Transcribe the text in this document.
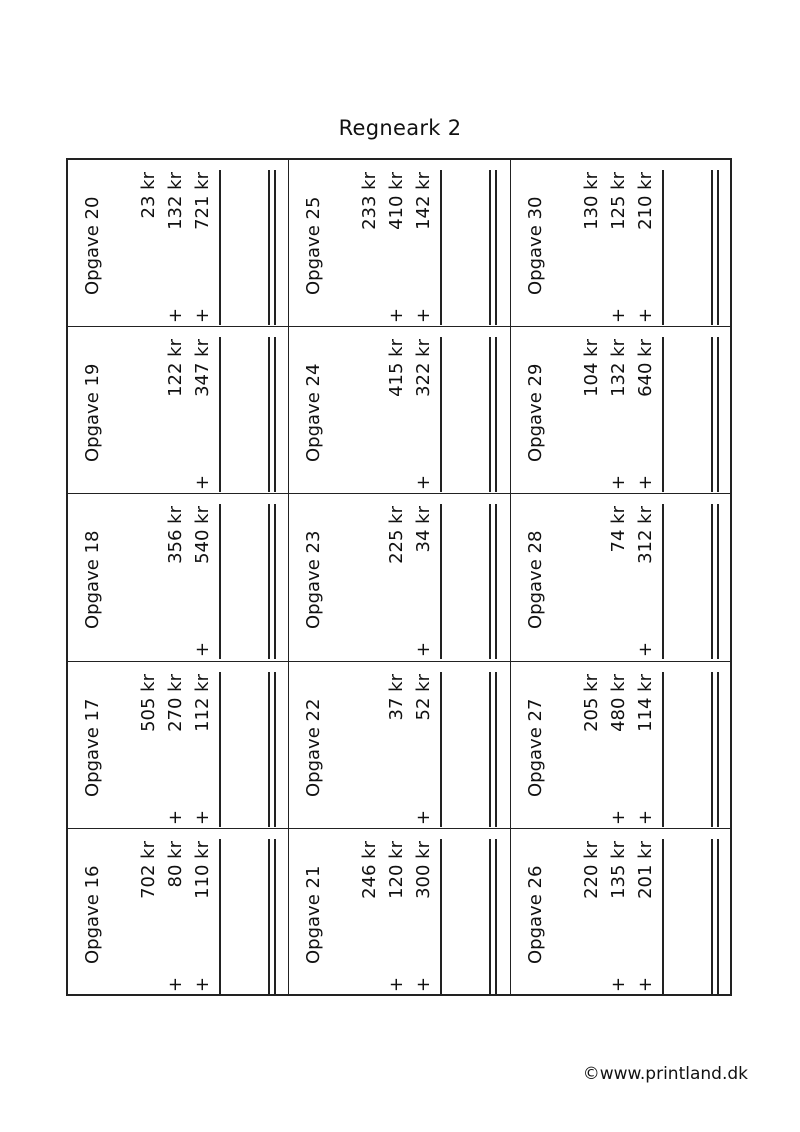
Regneark 2
Opgave 20
23 kr 132 kr
+
721 kr
+
Opgave 25 233 kr 410 kr
+
142 kr
+
Opgave 30 130 kr 125 kr
+
210 kr
+
Opgave 19	122 kr 347 kr
+
Opgave 24	415 kr 322 kr
+
Opgave 29 104 kr 132 kr
+
640 kr
+
Opgave 18	356 kr 540 kr
+
Opgave 23	225 kr 34 kr
+
Opgave 28
74 kr 312 kr
+
Opgave 17 505 kr 270 kr
+
112 kr
+
Opgave 22
37 kr 52 kr
+
Opgave 27 205 kr 480 kr
+
114 kr
+
Opgave 16 702 kr 80 kr
+
110 kr
+
Opgave 21 246 kr 120 kr
+
300 kr
+
Opgave 26 220 kr 135 kr
+
201 kr
+
©www.printland.dk
